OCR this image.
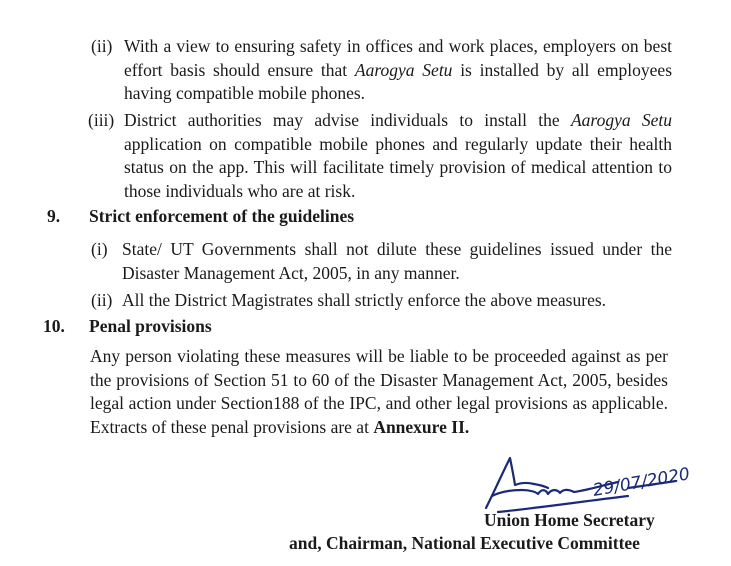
(ii) With a view to ensuring safety in offices and work places, employers on best effort basis should ensure that Aarogya Setu is installed by all employees having compatible mobile phones.
(iii) District authorities may advise individuals to install the Aarogya Setu application on compatible mobile phones and regularly update their health status on the app. This will facilitate timely provision of medical attention to those individuals who are at risk.
9.	Strict enforcement of the guidelines
(i) State/ UT Governments shall not dilute these guidelines issued under the Disaster Management Act, 2005, in any manner.
(ii) All the District Magistrates shall strictly enforce the above measures.
10.	Penal provisions
Any person violating these measures will be liable to be proceeded against as per the provisions of Section 51 to 60 of the Disaster Management Act, 2005, besides legal action under Section188 of the IPC, and other legal provisions as applicable. Extracts of these penal provisions are at Annexure II.
29/07/2020
Union Home Secretary
and, Chairman, National Executive Committee
